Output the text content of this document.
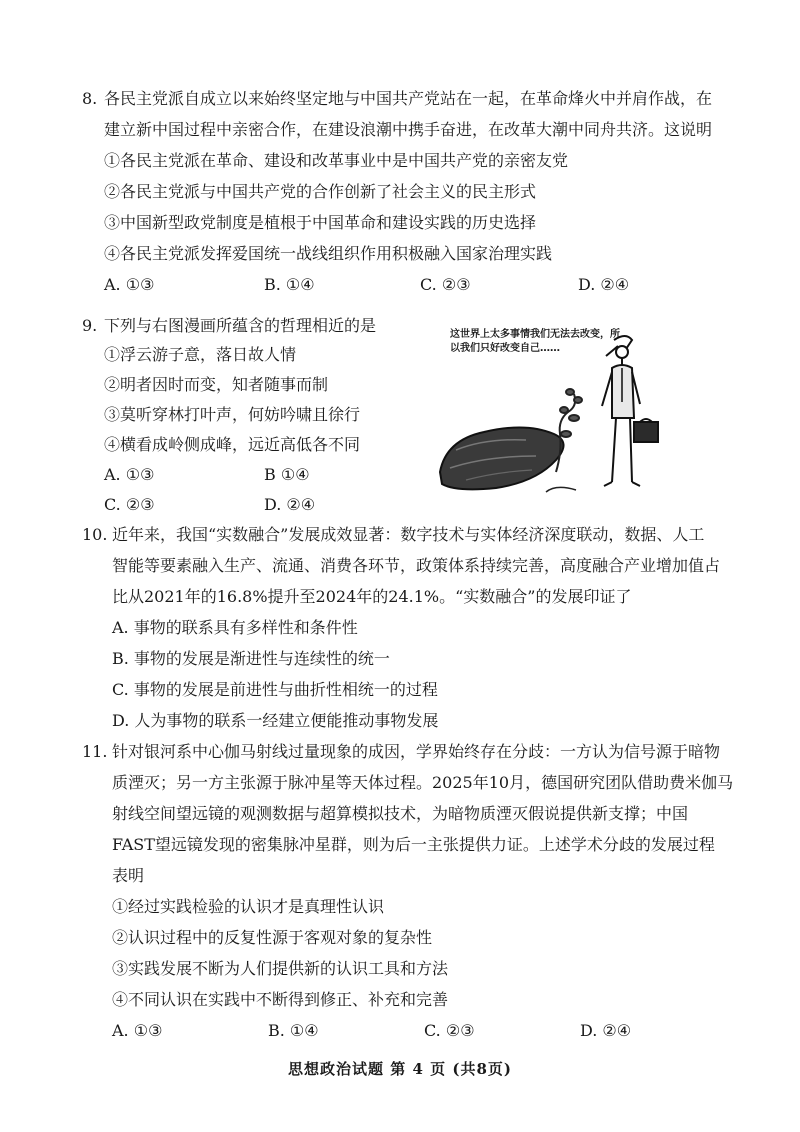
8. 各民主党派自成立以来始终坚定地与中国共产党站在一起，在革命烽火中并肩作战，在
建立新中国过程中亲密合作，在建设浪潮中携手奋进，在改革大潮中同舟共济。这说明
①各民主党派在革命、建设和改革事业中是中国共产党的亲密友党
②各民主党派与中国共产党的合作创新了社会主义的民主形式
③中国新型政党制度是植根于中国革命和建设实践的历史选择
④各民主党派发挥爱国统一战线组织作用积极融入国家治理实践
A. ①③	B. ①④	C. ②③	D. ②④
9. 下列与右图漫画所蕴含的哲理相近的是
①浮云游子意，落日故人情
②明者因时而变，知者随事而制
③莫听穿林打叶声，何妨吟啸且徐行
④横看成岭侧成峰，远近高低各不同
A. ①③	B ①④
C. ②③	D. ②④
这世界上太多事情我们无法去改变，所
以我们只好改变自己……
10. 近年来，我国“实数融合”发展成效显著：数字技术与实体经济深度联动，数据、人工
智能等要素融入生产、流通、消费各环节，政策体系持续完善，高度融合产业增加值占
比从2021年的16.8%提升至2024年的24.1%。“实数融合”的发展印证了
A. 事物的联系具有多样性和条件性
B. 事物的发展是渐进性与连续性的统一
C. 事物的发展是前进性与曲折性相统一的过程
D. 人为事物的联系一经建立便能推动事物发展
11. 针对银河系中心伽马射线过量现象的成因，学界始终存在分歧：一方认为信号源于暗物
质湮灭；另一方主张源于脉冲星等天体过程。2025年10月，德国研究团队借助费米伽马
射线空间望远镜的观测数据与超算模拟技术，为暗物质湮灭假说提供新支撑；中国
FAST望远镜发现的密集脉冲星群，则为后一主张提供力证。上述学术分歧的发展过程
表明
①经过实践检验的认识才是真理性认识
②认识过程中的反复性源于客观对象的复杂性
③实践发展不断为人们提供新的认识工具和方法
④不同认识在实践中不断得到修正、补充和完善
A. ①③	B. ①④	C. ②③	D. ②④
思想政治试题 第 4 页 (共8页)
